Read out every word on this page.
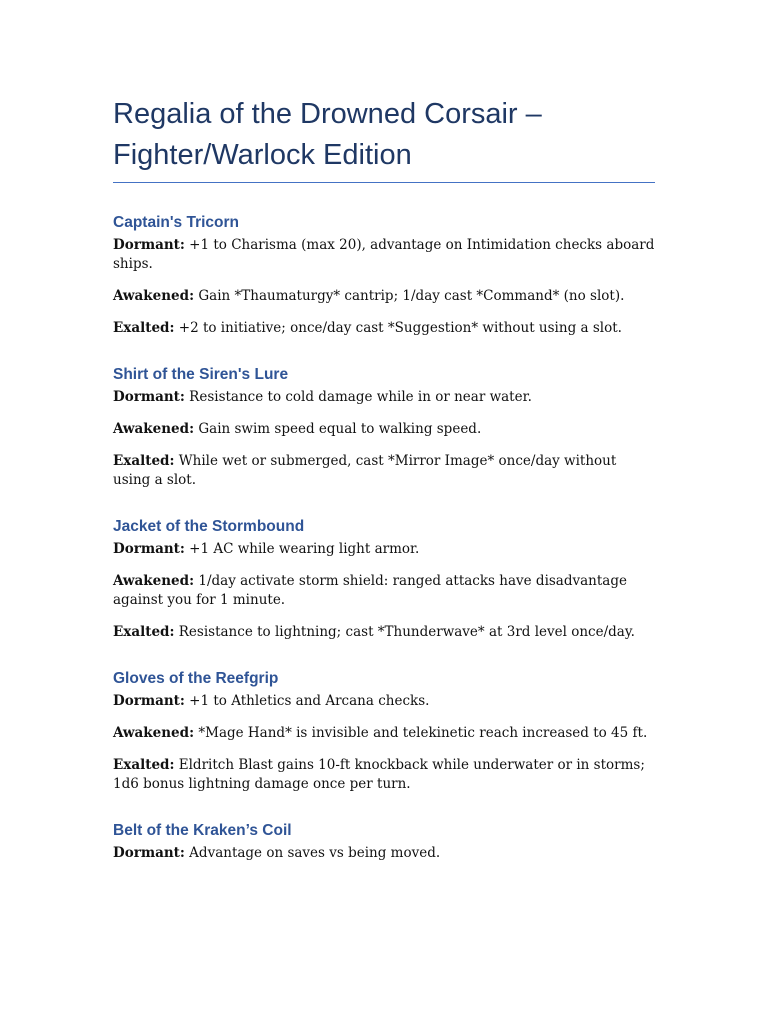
Regalia of the Drowned Corsair –
Fighter/Warlock Edition
Captain's Tricorn

Dormant: +1 to Charisma (max 20), advantage on Intimidation checks aboard ships.

Awakened: Gain *Thaumaturgy* cantrip; 1/day cast *Command* (no slot).

Exalted: +2 to initiative; once/day cast *Suggestion* without using a slot.

Shirt of the Siren's Lure

Dormant: Resistance to cold damage while in or near water.

Awakened: Gain swim speed equal to walking speed.

Exalted: While wet or submerged, cast *Mirror Image* once/day without using a slot.

Jacket of the Stormbound

Dormant: +1 AC while wearing light armor.

Awakened: 1/day activate storm shield: ranged attacks have disadvantage against you for 1 minute.

Exalted: Resistance to lightning; cast *Thunderwave* at 3rd level once/day.

Gloves of the Reefgrip

Dormant: +1 to Athletics and Arcana checks.

Awakened: *Mage Hand* is invisible and telekinetic reach increased to 45 ft.

Exalted: Eldritch Blast gains 10-ft knockback while underwater or in storms; 1d6 bonus lightning damage once per turn.

Belt of the Kraken’s Coil

Dormant: Advantage on saves vs being moved.
